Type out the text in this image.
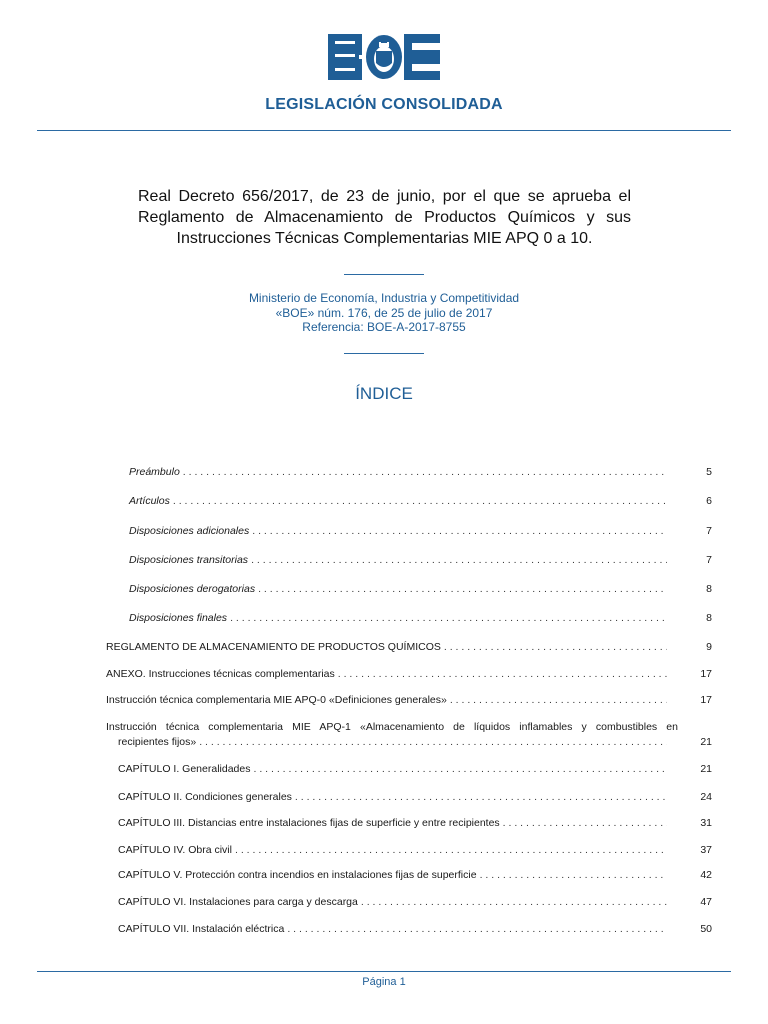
LEGISLACIÓN CONSOLIDADA
Real Decreto 656/2017, de 23 de junio, por el que se aprueba el Reglamento de Almacenamiento de Productos Químicos y sus Instrucciones Técnicas Complementarias MIE APQ 0 a 10.
Ministerio de Economía, Industria y Competitividad
«BOE» núm. 176, de 25 de julio de 2017
Referencia: BOE-A-2017-8755
ÍNDICE
Preámbulo . . .	5
Artículos . . .	6
Disposiciones adicionales . . .	7
Disposiciones transitorias . . .	7
Disposiciones derogatorias . . .	8
Disposiciones finales . . .	8
REGLAMENTO DE ALMACENAMIENTO DE PRODUCTOS QUÍMICOS . . .	9
ANEXO. Instrucciones técnicas complementarias . . .	17
Instrucción técnica complementaria MIE APQ-0 «Definiciones generales» . . .	17
Instrucción técnica complementaria MIE APQ-1 «Almacenamiento de líquidos inflamables y combustibles en
recipientes fijos» . . .	21
CAPÍTULO I. Generalidades . . .	21
CAPÍTULO II. Condiciones generales . . .	24
CAPÍTULO III. Distancias entre instalaciones fijas de superficie y entre recipientes . . .	31
CAPÍTULO IV. Obra civil . . .	37
CAPÍTULO V. Protección contra incendios en instalaciones fijas de superficie . . .	42
CAPÍTULO VI. Instalaciones para carga y descarga . . .	47
CAPÍTULO VII. Instalación eléctrica . . .	50
Página 1
